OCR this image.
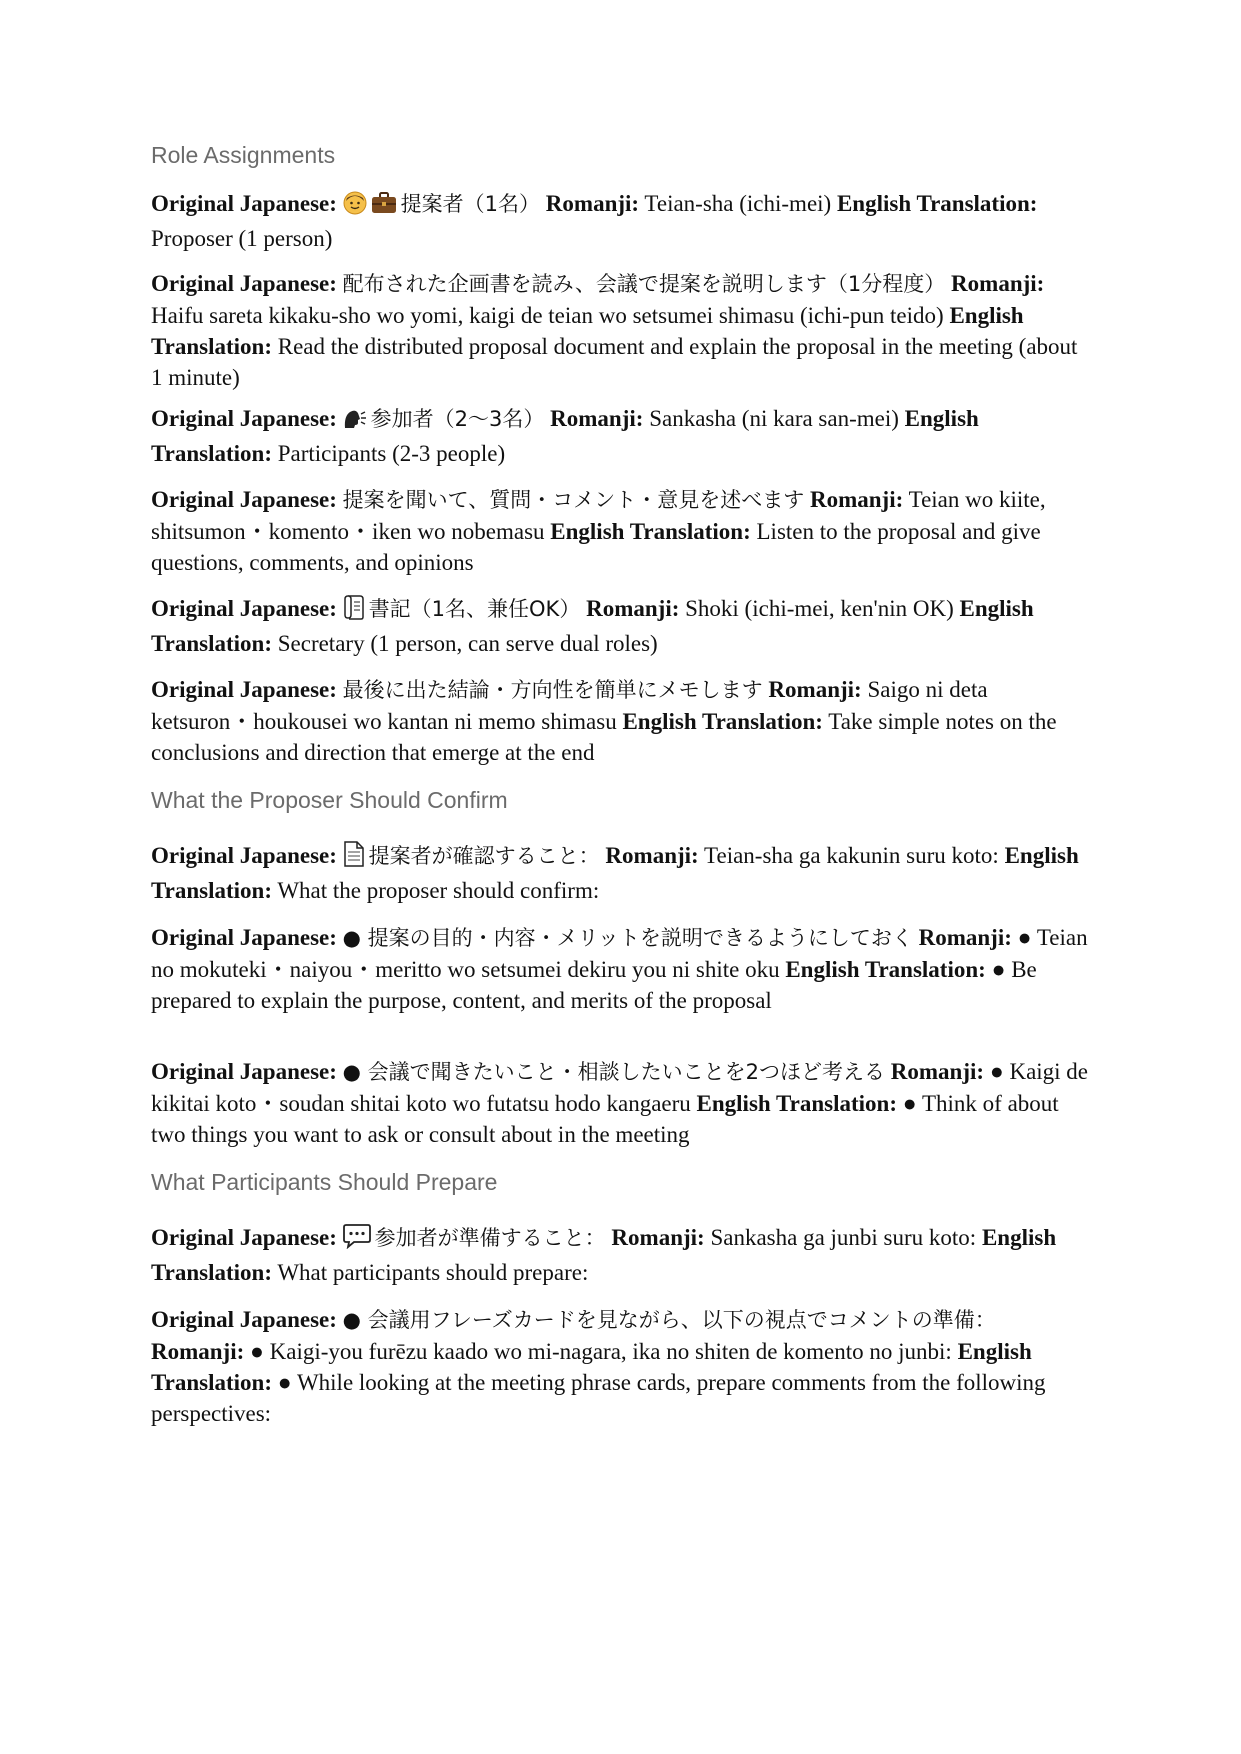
Role Assignments

Original Japanese:	提案者（1名） Romanji: Teian-sha (ichi-mei) English Translation: Proposer (1 person)

Original Japanese: 配布された企画書を読み、会議で提案を説明します（1分程度） Romanji: Haifu sareta kikaku-sho wo yomi, kaigi de teian wo setsumei shimasu (ichi-pun teido) English Translation: Read the distributed proposal document and explain the proposal in the meeting (about 1 minute)

Original Japanese: 参加者（2〜3名） Romanji: Sankasha (ni kara san-mei) English Translation: Participants (2-3 people)

Original Japanese: 提案を聞いて、質問・コメント・意見を述べます Romanji: Teian wo kiite, shitsumon・komento・iken wo nobemasu English Translation: Listen to the proposal and give questions, comments, and opinions

Original Japanese: 書記（1名、兼任OK） Romanji: Shoki (ichi-mei, ken'nin OK) English Translation: Secretary (1 person, can serve dual roles)

Original Japanese: 最後に出た結論・方向性を簡単にメモします Romanji: Saigo ni deta ketsuron・houkousei wo kantan ni memo shimasu English Translation: Take simple notes on the conclusions and direction that emerge at the end

What the Proposer Should Confirm

Original Japanese: 提案者が確認すること： Romanji: Teian-sha ga kakunin suru koto: English Translation: What the proposer should confirm:

Original Japanese: ● 提案の目的・内容・メリットを説明できるようにしておく Romanji: ● Teian no mokuteki・naiyou・meritto wo setsumei dekiru you ni shite oku English Translation: ● Be prepared to explain the purpose, content, and merits of the proposal

Original Japanese: ● 会議で聞きたいこと・相談したいことを2つほど考える Romanji: ● Kaigi de kikitai koto・soudan shitai koto wo futatsu hodo kangaeru English Translation: ● Think of about two things you want to ask or consult about in the meeting

What Participants Should Prepare

Original Japanese: 参加者が準備すること： Romanji: Sankasha ga junbi suru koto: English Translation: What participants should prepare:

Original Japanese: ● 会議用フレーズカードを見ながら、以下の視点でコメントの準備： Romanji: ● Kaigi-you furēzu kaado wo mi-nagara, ika no shiten de komento no junbi: English Translation: ● While looking at the meeting phrase cards, prepare comments from the following perspectives:
